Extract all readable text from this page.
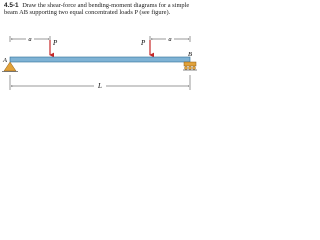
4.5-1 Draw the shear-force and bending-moment diagrams for a simple beam AB supporting two equal concentrated loads P (see figure).
a	a
P	P
A
B
L
